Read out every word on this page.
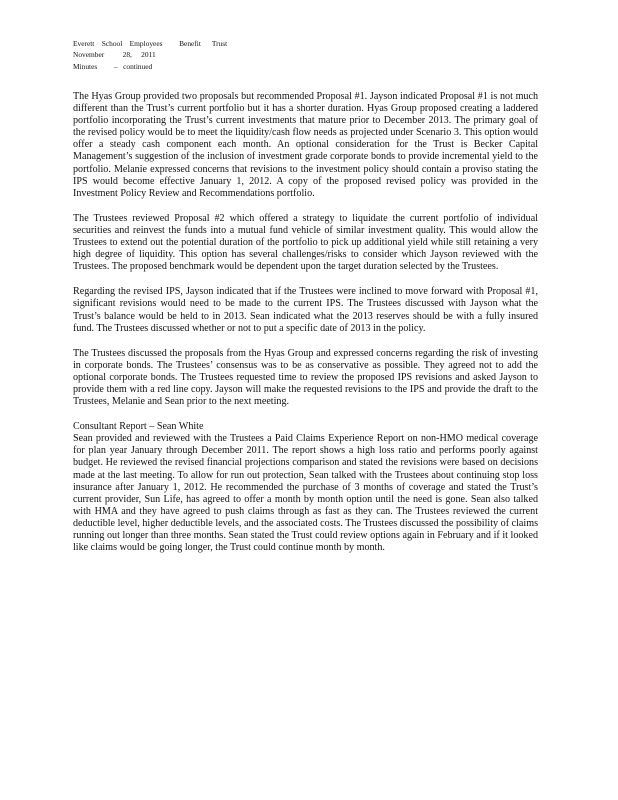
Everett    School    Employees         Benefit      Trust
November          28,     2011
Minutes         –   continued

The Hyas Group provided two proposals but recommended Proposal #1. Jayson indicated Proposal #1 is not much different than the Trust’s current portfolio but it has a shorter duration. Hyas Group proposed creating a laddered portfolio incorporating the Trust’s current investments that mature prior to December 2013. The primary goal of the revised policy would be to meet the liquidity/cash flow needs as projected under Scenario 3. This option would offer a steady cash component each month. An optional consideration for the Trust is Becker Capital Management’s suggestion of the inclusion of investment grade corporate bonds to provide incremental yield to the portfolio. Melanie expressed concerns that revisions to the investment policy should contain a proviso stating the IPS would become effective January 1, 2012. A copy of the proposed revised policy was provided in the Investment Policy Review and Recommendations portfolio.

The Trustees reviewed Proposal #2 which offered a strategy to liquidate the current portfolio of individual securities and reinvest the funds into a mutual fund vehicle of similar investment quality. This would allow the Trustees to extend out the potential duration of the portfolio to pick up additional yield while still retaining a very high degree of liquidity. This option has several challenges/risks to consider which Jayson reviewed with the Trustees. The proposed benchmark would be dependent upon the target duration selected by the Trustees.

Regarding the revised IPS, Jayson indicated that if the Trustees were inclined to move forward with Proposal #1, significant revisions would need to be made to the current IPS. The Trustees discussed with Jayson what the Trust’s balance would be held to in 2013. Sean indicated what the 2013 reserves should be with a fully insured fund. The Trustees discussed whether or not to put a specific date of 2013 in the policy.

The Trustees discussed the proposals from the Hyas Group and expressed concerns regarding the risk of investing in corporate bonds. The Trustees’ consensus was to be as conservative as possible. They agreed not to add the optional corporate bonds. The Trustees requested time to review the proposed IPS revisions and asked Jayson to provide them with a red line copy. Jayson will make the requested revisions to the IPS and provide the draft to the Trustees, Melanie and Sean prior to the next meeting.

Consultant Report – Sean White

Sean provided and reviewed with the Trustees a Paid Claims Experience Report on non-HMO medical coverage for plan year January through December 2011. The report shows a high loss ratio and performs poorly against budget. He reviewed the revised financial projections comparison and stated the revisions were based on decisions made at the last meeting. To allow for run out protection, Sean talked with the Trustees about continuing stop loss insurance after January 1, 2012. He recommended the purchase of 3 months of coverage and stated the Trust’s current provider, Sun Life, has agreed to offer a month by month option until the need is gone. Sean also talked with HMA and they have agreed to push claims through as fast as they can. The Trustees reviewed the current deductible level, higher deductible levels, and the associated costs. The Trustees discussed the possibility of claims running out longer than three months. Sean stated the Trust could review options again in February and if it looked like claims would be going longer, the Trust could continue month by month.
